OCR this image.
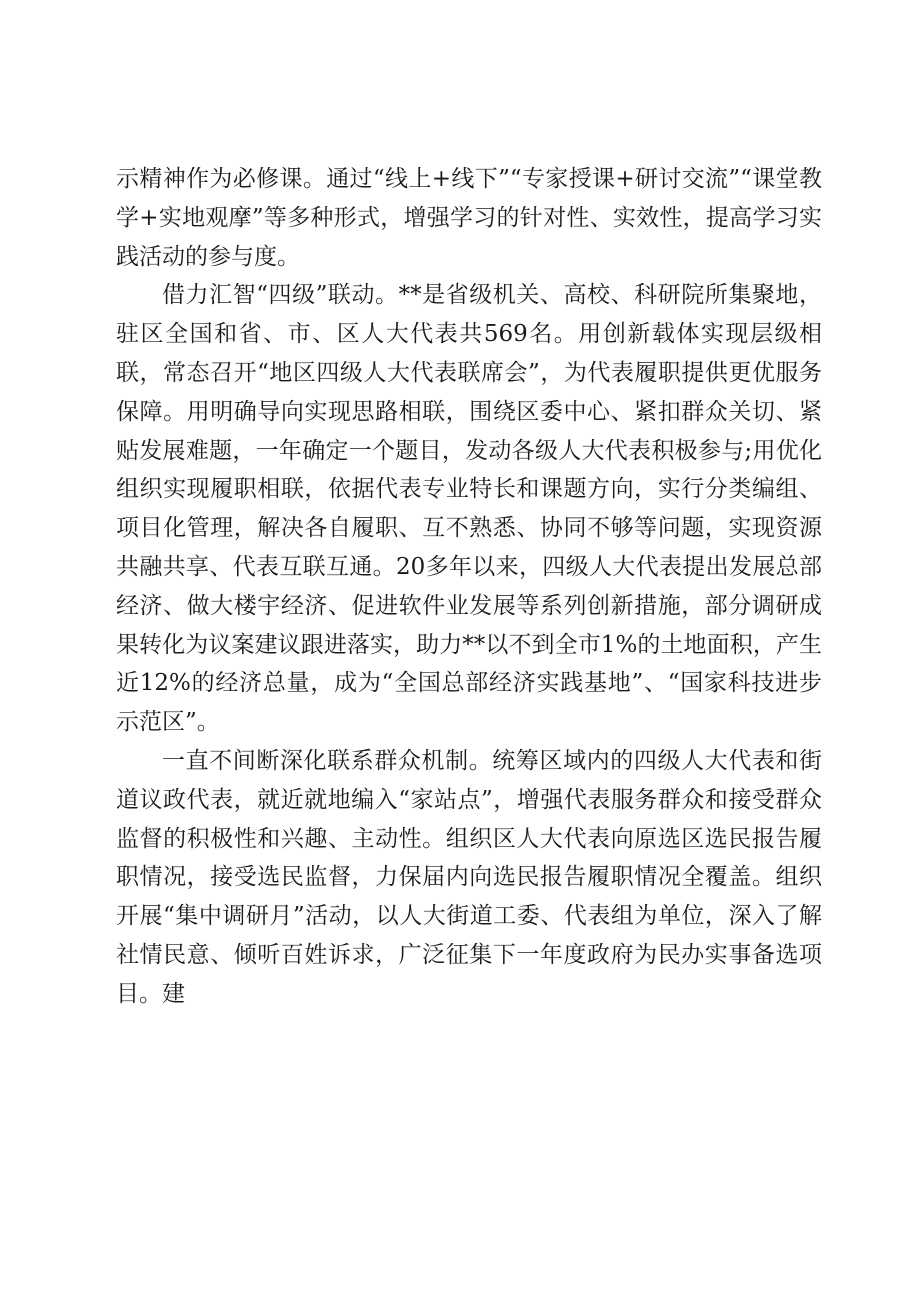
示精神作为必修课。通过“线上+线下”“专家授课+研讨交流”“课堂教学+实地观摩”等多种形式，增强学习的针对性、实效性，提高学习实践活动的参与度。

借力汇智“四级”联动。**是省级机关、高校、科研院所集聚地，驻区全国和省、市、区人大代表共569名。用创新载体实现层级相联，常态召开“地区四级人大代表联席会”，为代表履职提供更优服务保障。用明确导向实现思路相联，围绕区委中心、紧扣群众关切、紧贴发展难题，一年确定一个题目，发动各级人大代表积极参与;用优化组织实现履职相联，依据代表专业特长和课题方向，实行分类编组、项目化管理，解决各自履职、互不熟悉、协同不够等问题，实现资源共融共享、代表互联互通。20多年以来，四级人大代表提出发展总部经济、做大楼宇经济、促进软件业发展等系列创新措施，部分调研成果转化为议案建议跟进落实，助力**以不到全市1%的土地面积，产生近12%的经济总量，成为“全国总部经济实践基地”、“国家科技进步示范区”。

一直不间断深化联系群众机制。统筹区域内的四级人大代表和街道议政代表，就近就地编入“家站点”，增强代表服务群众和接受群众监督的积极性和兴趣、主动性。组织区人大代表向原选区选民报告履职情况，接受选民监督，力保届内向选民报告履职情况全覆盖。组织开展“集中调研月”活动，以人大街道工委、代表组为单位，深入了解社情民意、倾听百姓诉求，广泛征集下一年度政府为民办实事备选项目。建
